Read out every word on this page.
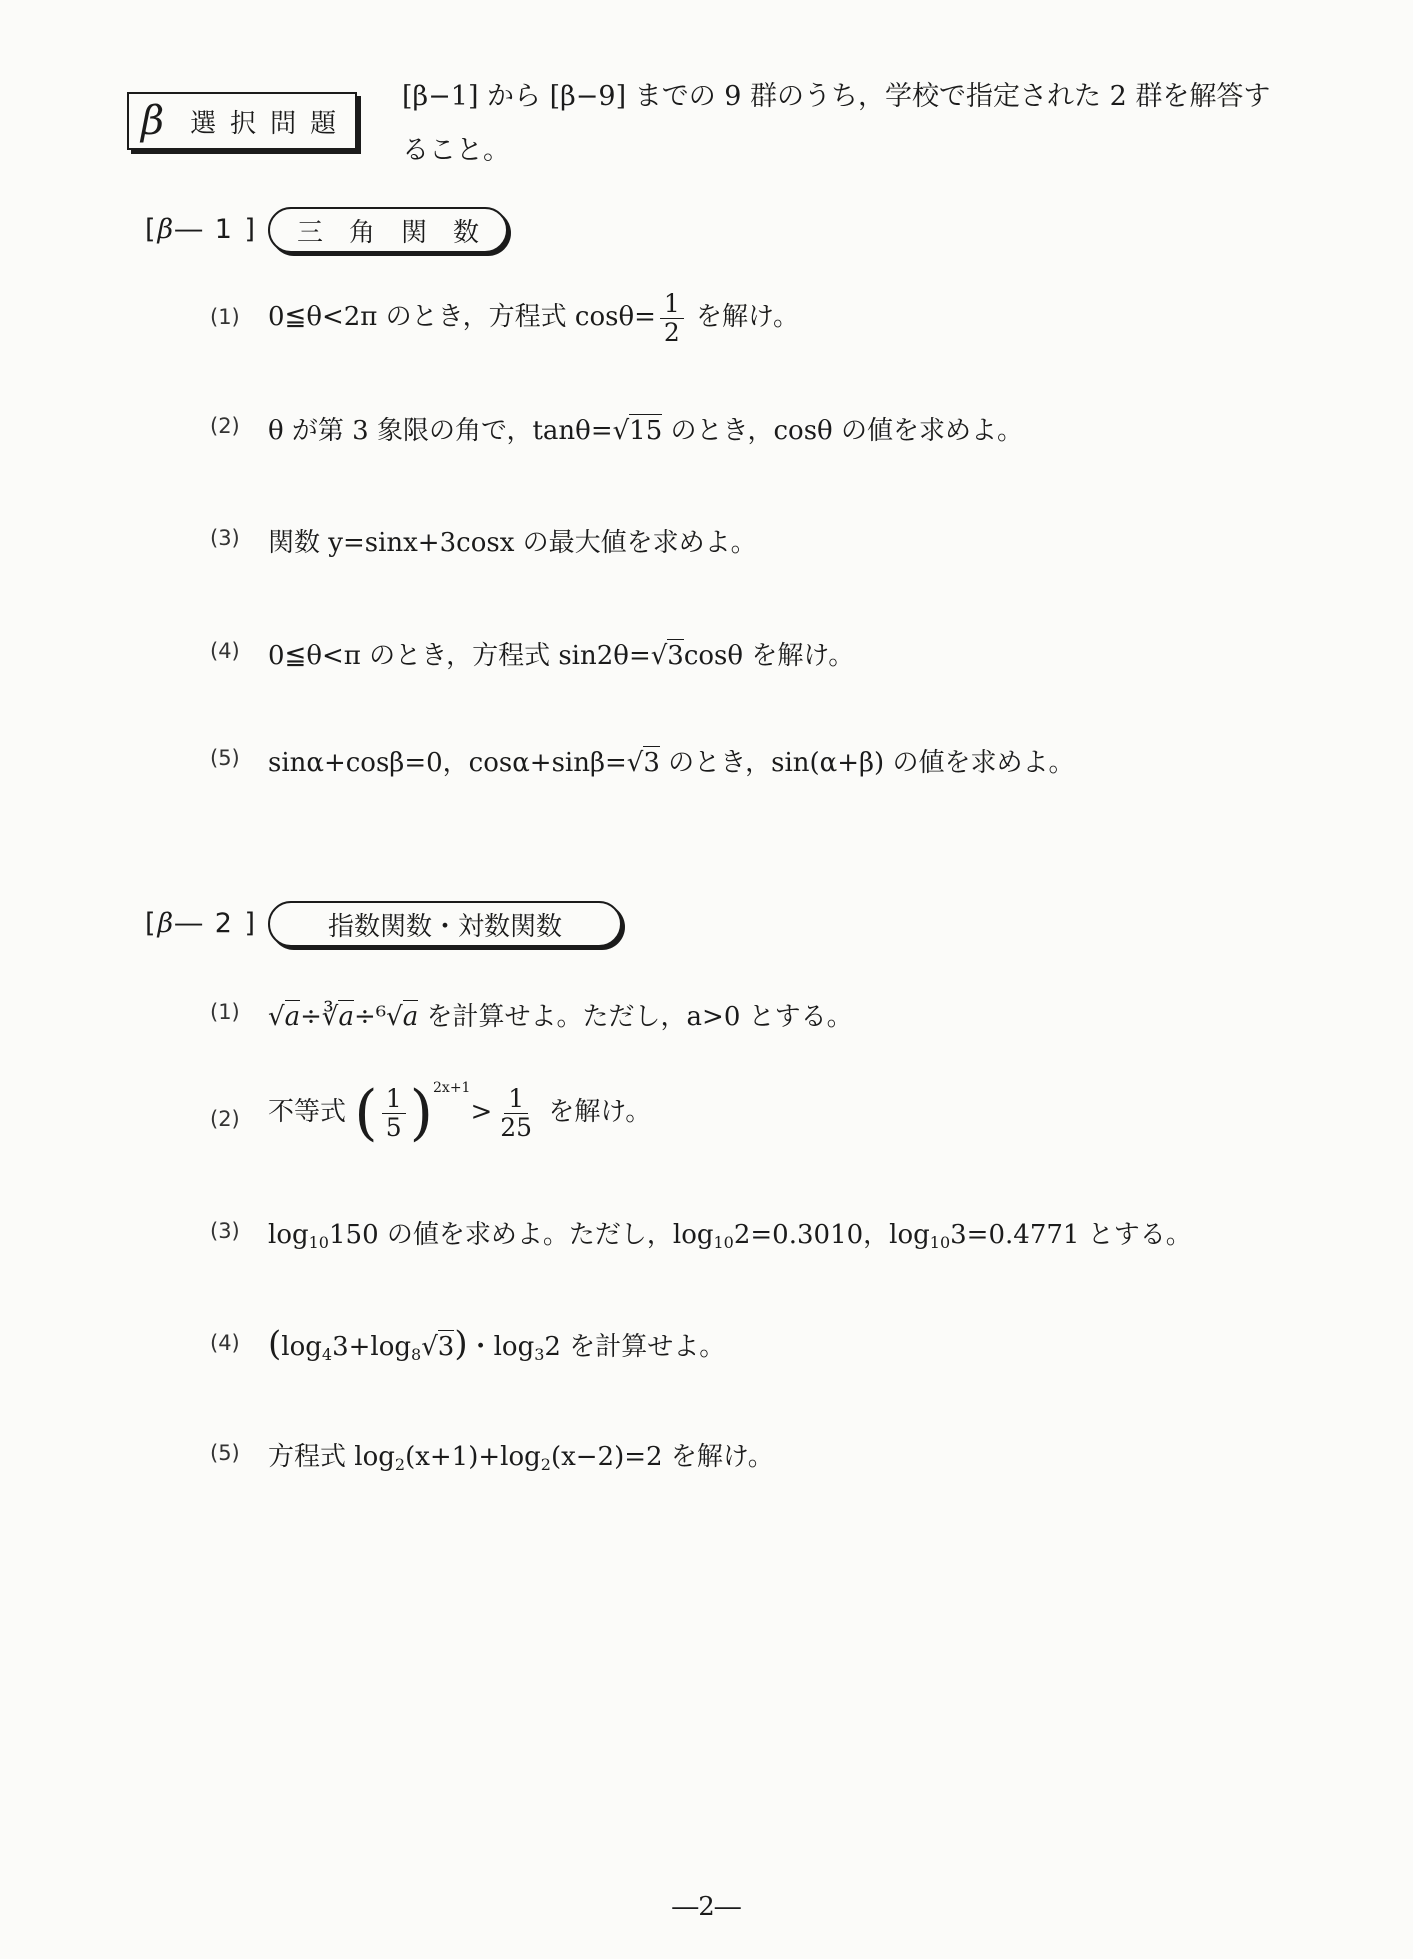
β 選択問題
[β−1] から [β−9] までの 9 群のうち，学校で指定された 2 群を解答す
ること。
[β― 1 ]	三　角　関　数
(1) 0≦θ<2π のとき，方程式 $\cos\theta= \frac{1}{2}$ を解け。
(2) θ が第 3 象限の角で，tanθ=√15 のとき，cosθ の値を求めよ。
(3) 関数 y=sinx+3cosx の最大値を求めよ。
(4) 0≦θ<π のとき，方程式 sin2θ=√3cosθ を解け。
(5) sinα+cosβ=0，cosα+sinβ=√3 のとき，sin(α+β) の値を求めよ。
[β― 2 ]	指数関数・対数関数
(1) √a÷∛a÷⁶√a を計算せよ。ただし，a>0 とする。
(2) 不等式 ( $\frac{1}{5} )^{2x+1}> \frac{1}{25}$ を解け。
(3) $\log_{10}150$ の値を求めよ。ただし，$\log_{10}2=0.3010$，$\log_{10}3=0.4771$ とする。
(4) $(\log_43+\log_8√3)$・$\log_32$ を計算せよ。
(5) 方程式 $\log_2(x+1)+\log_2(x-2)=2$ を解け。
―2―
